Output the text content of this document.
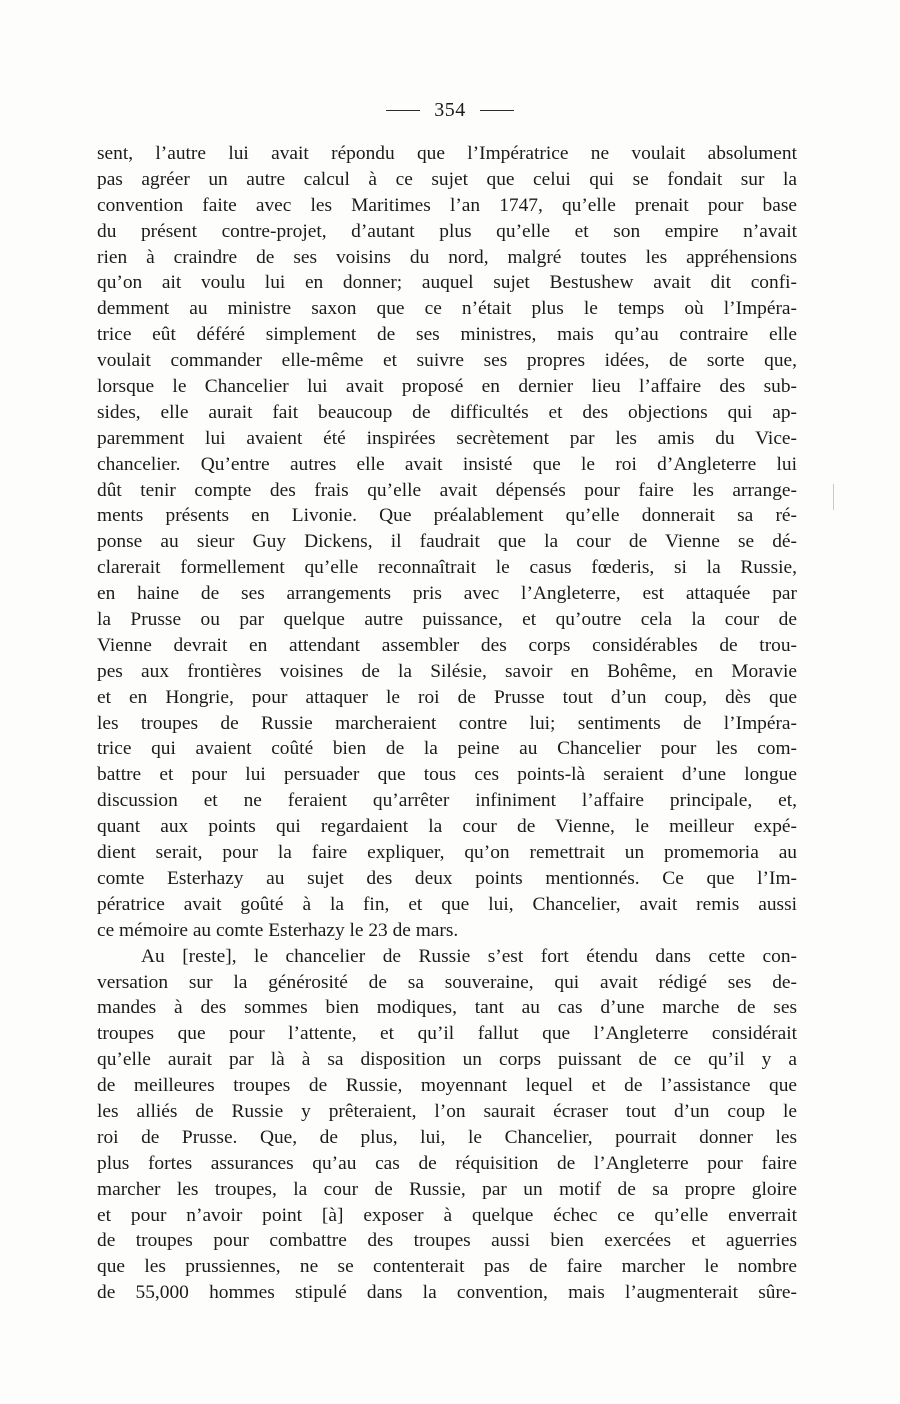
354
sent, l’autre lui avait répondu que l’Impératrice ne voulait absolument
pas agréer un autre calcul à ce sujet que celui qui se fondait sur la
convention faite avec les Maritimes l’an 1747, qu’elle prenait pour base
du présent contre-projet, d’autant plus qu’elle et son empire n’avait
rien à craindre de ses voisins du nord, malgré toutes les appréhensions
qu’on ait voulu lui en donner; auquel sujet Bestushew avait dit confi-
demment au ministre saxon que ce n’était plus le temps où l’Impéra-
trice eût déféré simplement de ses ministres, mais qu’au contraire elle
voulait commander elle-même et suivre ses propres idées, de sorte que,
lorsque le Chancelier lui avait proposé en dernier lieu l’affaire des sub-
sides, elle aurait fait beaucoup de difficultés et des objections qui ap-
paremment lui avaient été inspirées secrètement par les amis du Vice-
chancelier. Qu’entre autres elle avait insisté que le roi d’Angleterre lui
dût tenir compte des frais qu’elle avait dépensés pour faire les arrange-
ments présents en Livonie. Que préalablement qu’elle donnerait sa ré-
ponse au sieur Guy Dickens, il faudrait que la cour de Vienne se dé-
clarerait formellement qu’elle reconnaîtrait le casus fœderis, si la Russie,
en haine de ses arrangements pris avec l’Angleterre, est attaquée par
la Prusse ou par quelque autre puissance, et qu’outre cela la cour de
Vienne devrait en attendant assembler des corps considérables de trou-
pes aux frontières voisines de la Silésie, savoir en Bohême, en Moravie
et en Hongrie, pour attaquer le roi de Prusse tout d’un coup, dès que
les troupes de Russie marcheraient contre lui; sentiments de l’Impéra-
trice qui avaient coûté bien de la peine au Chancelier pour les com-
battre et pour lui persuader que tous ces points-là seraient d’une longue
discussion et ne feraient qu’arrêter infiniment l’affaire principale, et,
quant aux points qui regardaient la cour de Vienne, le meilleur expé-
dient serait, pour la faire expliquer, qu’on remettrait un promemoria au
comte Esterhazy au sujet des deux points mentionnés. Ce que l’Im-
pératrice avait goûté à la fin, et que lui, Chancelier, avait remis aussi
ce mémoire au comte Esterhazy le 23 de mars.
Au [reste], le chancelier de Russie s’est fort étendu dans cette con-
versation sur la générosité de sa souveraine, qui avait rédigé ses de-
mandes à des sommes bien modiques, tant au cas d’une marche de ses
troupes que pour l’attente, et qu’il fallut que l’Angleterre considérait
qu’elle aurait par là à sa disposition un corps puissant de ce qu’il y a
de meilleures troupes de Russie, moyennant lequel et de l’assistance que
les alliés de Russie y prêteraient, l’on saurait écraser tout d’un coup le
roi de Prusse. Que, de plus, lui, le Chancelier, pourrait donner les
plus fortes assurances qu’au cas de réquisition de l’Angleterre pour faire
marcher les troupes, la cour de Russie, par un motif de sa propre gloire
et pour n’avoir point [à] exposer à quelque échec ce qu’elle enverrait
de troupes pour combattre des troupes aussi bien exercées et aguerries
que les prussiennes, ne se contenterait pas de faire marcher le nombre
de 55,000 hommes stipulé dans la convention, mais l’augmenterait sûre-
